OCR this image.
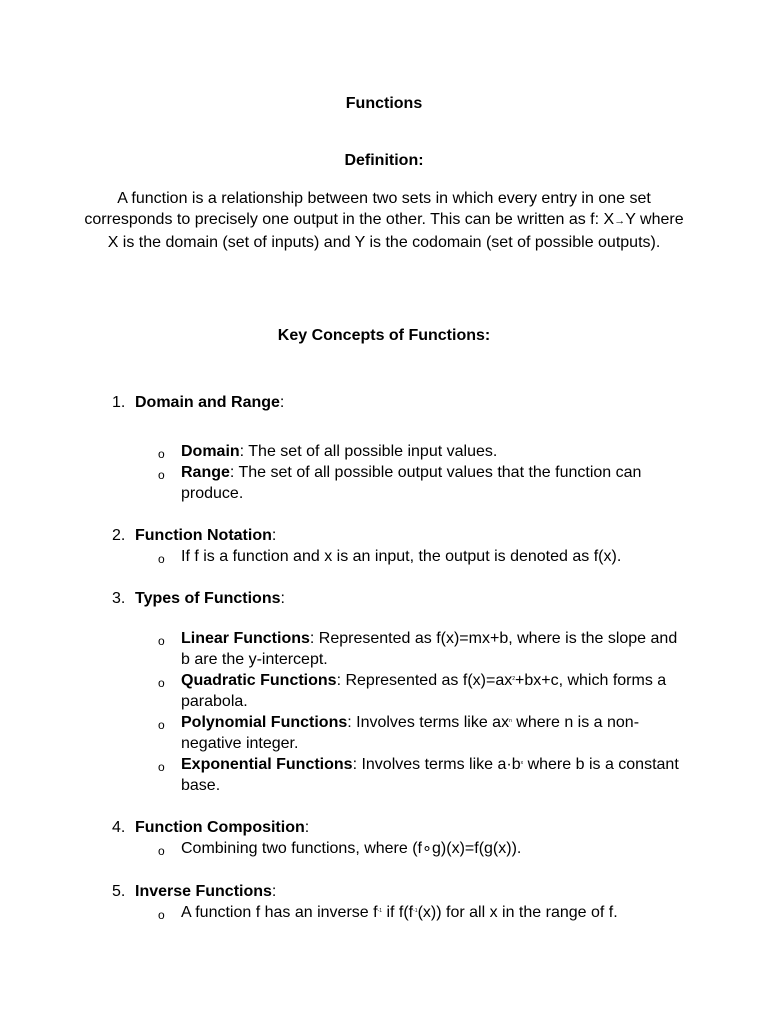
Functions
Definition:
A function is a relationship between two sets in which every entry in one set corresponds to precisely one output in the other. This can be written as f: X→Y where X is the domain (set of inputs) and Y is the codomain (set of possible outputs).
Key Concepts of Functions:
1. Domain and Range:
o Domain: The set of all possible input values.
o Range: The set of all possible output values that the function can produce.
2. Function Notation:
o If f is a function and x is an input, the output is denoted as f(x).
3. Types of Functions:
o Linear Functions: Represented as f(x)=mx+b, where is the slope and b are the y-intercept.
o Quadratic Functions: Represented as $f(x)=ax^2+bx+c$, which forms a parabola.
o Polynomial Functions: Involves terms like $ax^n$ where n is a non-negative integer.
o Exponential Functions: Involves terms like $a\cdot b^x$ where b is a constant base.
4. Function Composition:
o Combining two functions, where (f∘g)(x)=f(g(x)).
5. Inverse Functions:
o A function f has an inverse $f^{-1}$ if $f(f^{-1}(x))$ for all x in the range of f.
